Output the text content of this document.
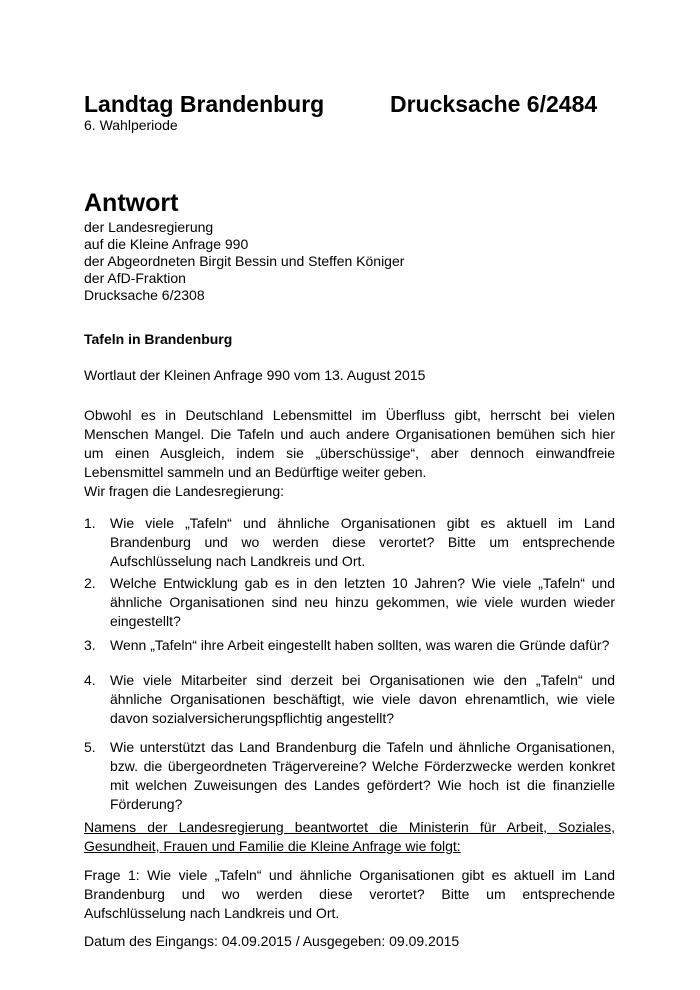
Landtag Brandenburg	Drucksache 6/2484
6. Wahlperiode
Antwort
der Landesregierung
auf die Kleine Anfrage 990
der Abgeordneten Birgit Bessin und Steffen Königer
der AfD-Fraktion
Drucksache 6/2308
Tafeln in Brandenburg
Wortlaut der Kleinen Anfrage 990 vom 13. August 2015

Obwohl es in Deutschland Lebensmittel im Überfluss gibt, herrscht bei vielen Menschen Mangel. Die Tafeln und auch andere Organisationen bemühen sich hier um einen Ausgleich, indem sie „überschüssige“, aber dennoch einwandfreie Lebensmittel sammeln und an Bedürftige weiter geben.

Wir fragen die Landesregierung:
1. Wie viele „Tafeln“ und ähnliche Organisationen gibt es aktuell im Land Brandenburg und wo werden diese verortet? Bitte um entsprechende Aufschlüsselung nach Landkreis und Ort.
2. Welche Entwicklung gab es in den letzten 10 Jahren? Wie viele „Tafeln“ und ähnliche Organisationen sind neu hinzu gekommen, wie viele wurden wieder eingestellt?
3. Wenn „Tafeln“ ihre Arbeit eingestellt haben sollten, was waren die Gründe dafür?
4. Wie viele Mitarbeiter sind derzeit bei Organisationen wie den „Tafeln“ und ähnliche Organisationen beschäftigt, wie viele davon ehrenamtlich, wie viele davon sozialversicherungspflichtig angestellt?
5. Wie unterstützt das Land Brandenburg die Tafeln und ähnliche Organisationen, bzw. die übergeordneten Trägervereine? Welche Förderzwecke werden konkret mit welchen Zuweisungen des Landes gefördert? Wie hoch ist die finanzielle Förderung?

Namens der Landesregierung beantwortet die Ministerin für Arbeit, Soziales, Gesundheit, Frauen und Familie die Kleine Anfrage wie folgt:

Frage 1: Wie viele „Tafeln“ und ähnliche Organisationen gibt es aktuell im Land Brandenburg und wo werden diese verortet? Bitte um entsprechende Aufschlüsselung nach Landkreis und Ort.

Datum des Eingangs: 04.09.2015 / Ausgegeben: 09.09.2015
